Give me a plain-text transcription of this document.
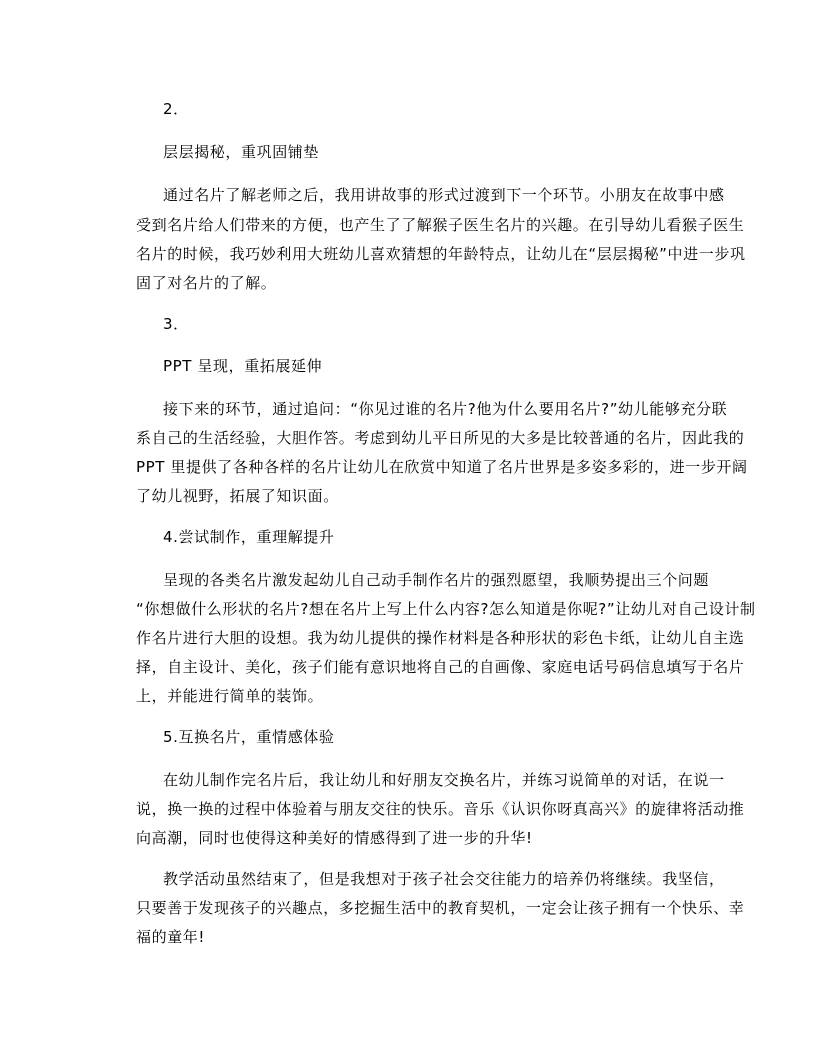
2．
层层揭秘，重巩固铺垫
通过名片了解老师之后，我用讲故事的形式过渡到下一个环节。小朋友在故事中感
受到名片给人们带来的方便，也产生了了解猴子医生名片的兴趣。在引导幼儿看猴子医生
名片的时候，我巧妙利用大班幼儿喜欢猜想的年龄特点，让幼儿在“层层揭秘”中进一步巩
固了对名片的了解。
3．
PPT 呈现，重拓展延伸
接下来的环节，通过追问：“你见过谁的名片?他为什么要用名片?”幼儿能够充分联
系自己的生活经验，大胆作答。考虑到幼儿平日所见的大多是比较普通的名片，因此我的
PPT 里提供了各种各样的名片让幼儿在欣赏中知道了名片世界是多姿多彩的，进一步开阔
了幼儿视野，拓展了知识面。
4.尝试制作，重理解提升
呈现的各类名片激发起幼儿自己动手制作名片的强烈愿望，我顺势提出三个问题
“你想做什么形状的名片?想在名片上写上什么内容?怎么知道是你呢?”让幼儿对自己设计制
作名片进行大胆的设想。我为幼儿提供的操作材料是各种形状的彩色卡纸，让幼儿自主选
择，自主设计、美化，孩子们能有意识地将自己的自画像、家庭电话号码信息填写于名片
上，并能进行简单的装饰。
5.互换名片，重情感体验
在幼儿制作完名片后，我让幼儿和好朋友交换名片，并练习说简单的对话，在说一
说，换一换的过程中体验着与朋友交往的快乐。音乐《认识你呀真高兴》的旋律将活动推
向高潮，同时也使得这种美好的情感得到了进一步的升华!
教学活动虽然结束了，但是我想对于孩子社会交往能力的培养仍将继续。我坚信，
只要善于发现孩子的兴趣点，多挖掘生活中的教育契机，一定会让孩子拥有一个快乐、幸
福的童年!
